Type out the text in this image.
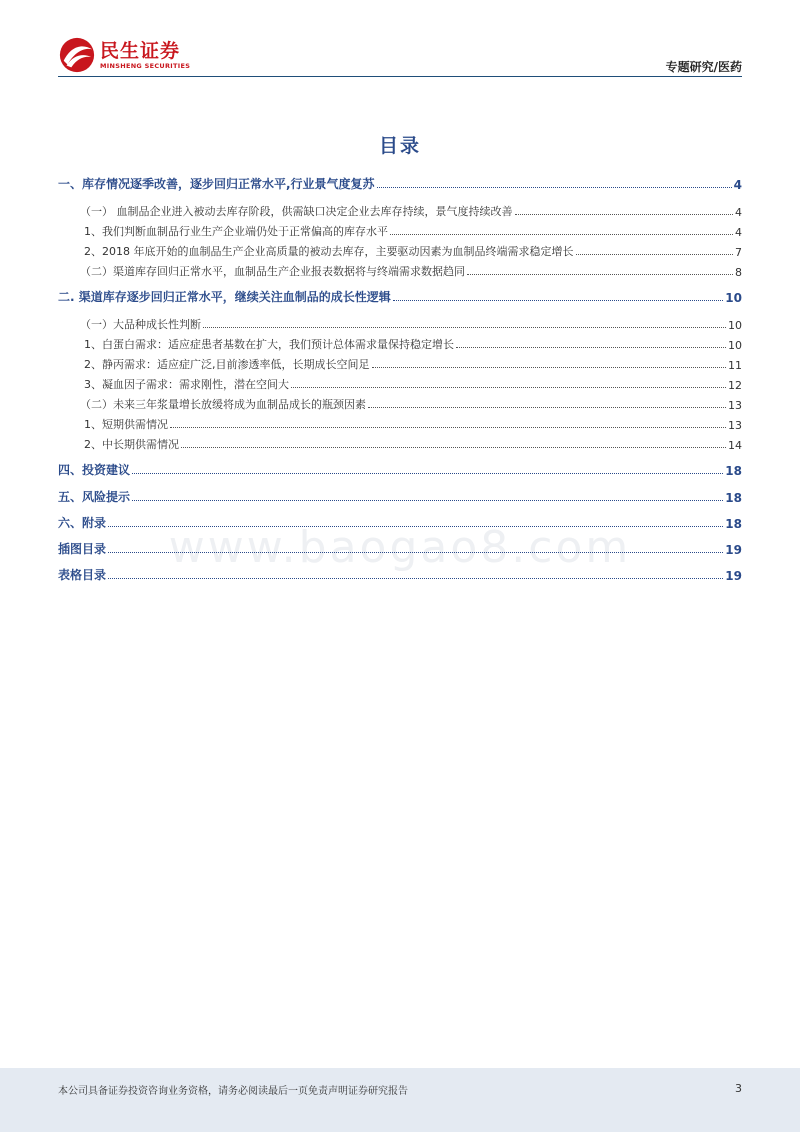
民生证券
MINSHENG SECURITIES	专题研究/医药
www.baogao8.com
目录
一、库存情况逐季改善，逐步回归正常水平,行业景气度复苏	4
（一） 血制品企业进入被动去库存阶段，供需缺口决定企业去库存持续，景气度持续改善	4
1、我们判断血制品行业生产企业端仍处于正常偏高的库存水平	4
2、2018 年底开始的血制品生产企业高质量的被动去库存，主要驱动因素为血制品终端需求稳定增长	7
（二）渠道库存回归正常水平，血制品生产企业报表数据将与终端需求数据趋同	8
二. 渠道库存逐步回归正常水平，继续关注血制品的成长性逻辑	10
（一）大品种成长性判断	10
1、白蛋白需求：适应症患者基数在扩大，我们预计总体需求量保持稳定增长	10
2、静丙需求：适应症广泛,目前渗透率低，长期成长空间足	11
3、凝血因子需求：需求刚性，潜在空间大	12
（二）未来三年浆量增长放缓将成为血制品成长的瓶颈因素	13
1、短期供需情况	13
2、中长期供需情况	14
四、投资建议	18
五、风险提示	18
六、附录	18
插图目录	19
表格目录	19
本公司具备证券投资咨询业务资格，请务必阅读最后一页免责声明证券研究报告	3
